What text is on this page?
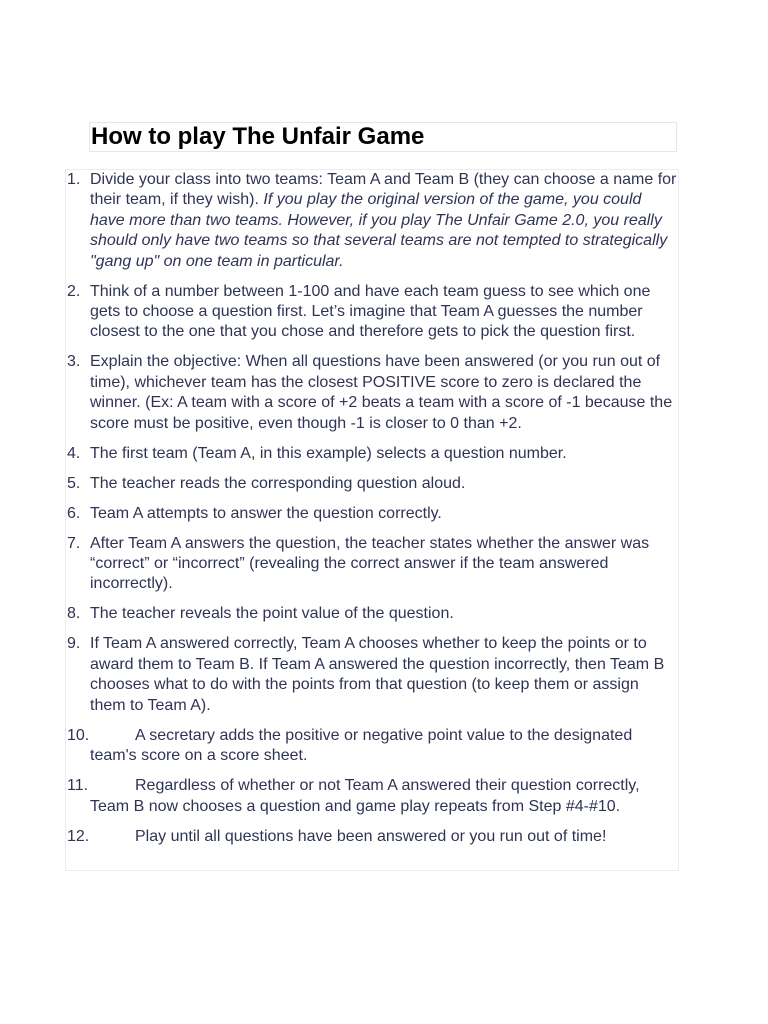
How to play The Unfair Game
1. Divide your class into two teams: Team A and Team B (they can choose a name for their team, if they wish). If you play the original version of the game, you could have more than two teams. However, if you play The Unfair Game 2.0, you really should only have two teams so that several teams are not tempted to strategically "gang up" on one team in particular.
2. Think of a number between 1-100 and have each team guess to see which one gets to choose a question first. Let’s imagine that Team A guesses the number closest to the one that you chose and therefore gets to pick the question first.
3. Explain the objective: When all questions have been answered (or you run out of time), whichever team has the closest POSITIVE score to zero is declared the winner. (Ex: A team with a score of +2 beats a team with a score of -1 because the score must be positive, even though -1 is closer to 0 than +2.
4. The first team (Team A, in this example) selects a question number.
5. The teacher reads the corresponding question aloud.
6. Team A attempts to answer the question correctly.
7. After Team A answers the question, the teacher states whether the answer was “correct” or “incorrect” (revealing the correct answer if the team answered incorrectly).
8. The teacher reveals the point value of the question.
9. If Team A answered correctly, Team A chooses whether to keep the points or to award them to Team B. If Team A answered the question incorrectly, then Team B chooses what to do with the points from that question (to keep them or assign them to Team A).
10.	A secretary adds the positive or negative point value to the designated team's score on a score sheet.
11.	Regardless of whether or not Team A answered their question correctly, Team B now chooses a question and game play repeats from Step #4-#10.
12.	Play until all questions have been answered or you run out of time!
